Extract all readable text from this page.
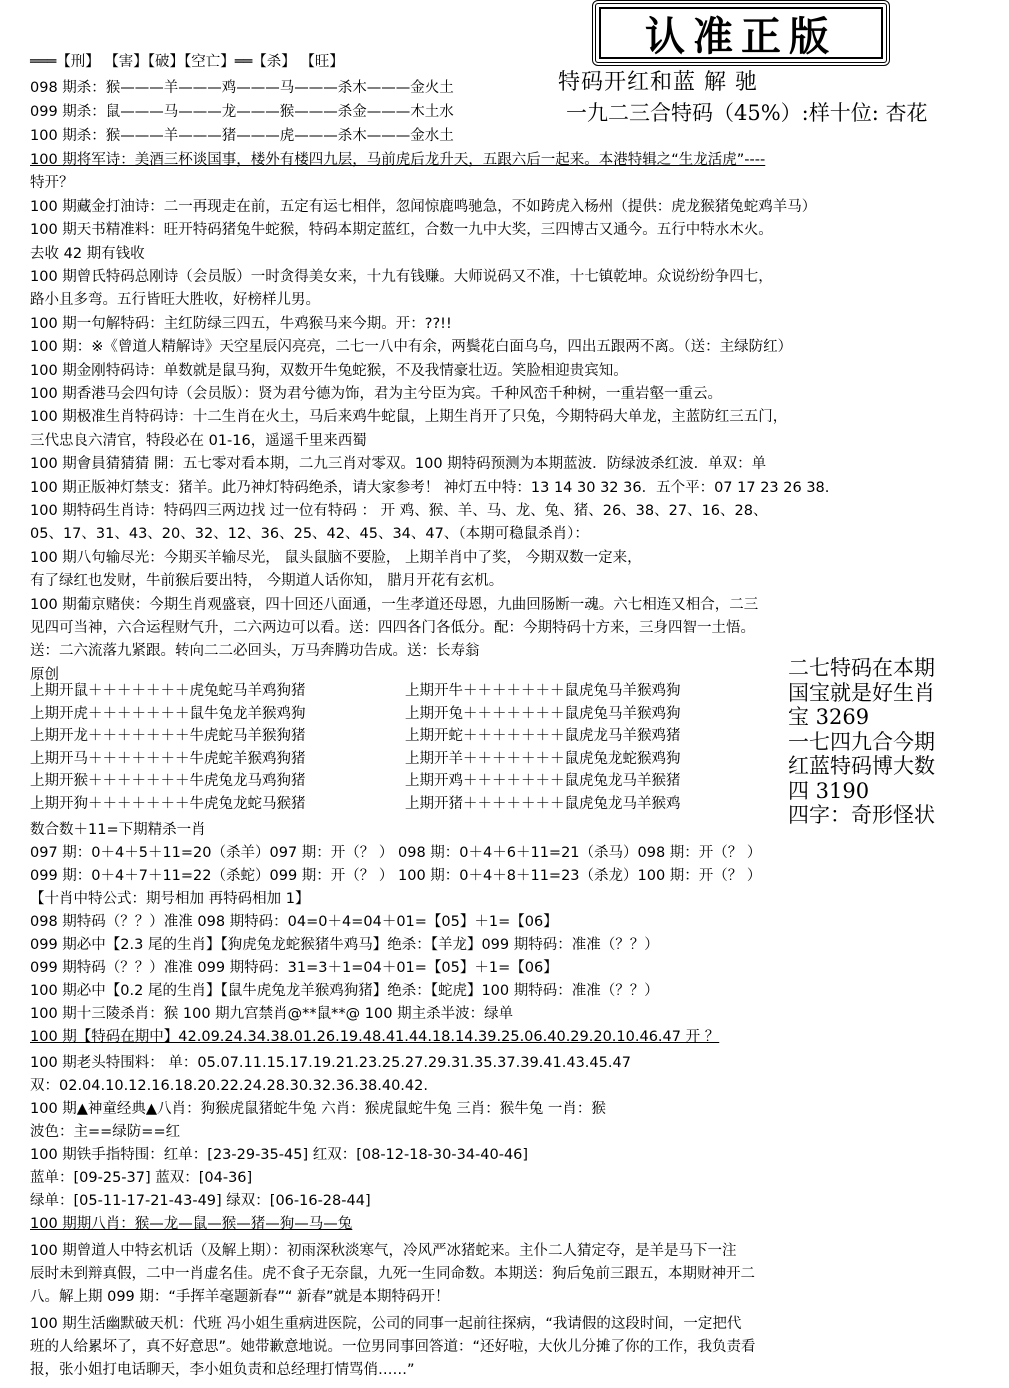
认准正版
特码开红和蓝 解 驰
一九二三合特码（45%）:样十位: 杏花
═══【刑】 【害】【破】【空亡】══【杀】 【旺】
098 期杀：猴———羊———鸡———马———杀木———金火土
099 期杀：鼠———马———龙———猴———杀金———木土水
100 期杀：猴———羊———猪———虎———杀木———金水土
100 期将军诗：美酒三杯谈国事，楼外有楼四九层，马前虎后龙升天，五跟六后一起来。本港特辑之“生龙活虎”----
特开？
100 期藏金打油诗：二一再现走在前，五定有运七相伴，忽闻惊鹿鸣驰急，不如跨虎入杨州（提供：虎龙猴猪兔蛇鸡羊马）
100 期天书精准料：旺开特码猪兔牛蛇猴，特码本期定蓝红，合数一九中大奖，三四博古又通今。五行中特水木火。
去收 42 期有钱收
100 期曾氏特码总刚诗（会员版）一时贪得美女来，十九有钱赚。大师说码又不准，十七镇乾坤。众说纷纷争四七，
路小且多弯。五行皆旺大胜收，好榜样儿男。
100 期一句解特码：主红防绿三四五，牛鸡猴马来今期。开：??!!
100 期：※《曾道人精解诗》天空星辰闪亮亮，二七一八中有余，两鬓花白面乌乌，四出五跟两不离。（送：主绿防红）
100 期金刚特码诗：单数就是鼠马狗，双数开牛兔蛇猴，不及我情豪壮迈。笑脸相迎贵宾知。
100 期香港马会四句诗（会员版）：贤为君兮德为饰，君为主兮臣为宾。千种风峦千种树，一重岩壑一重云。
100 期极准生肖特码诗：十二生肖在火土，马后来鸡牛蛇鼠，上期生肖开了只兔，今期特码大单龙，主蓝防红三五门，
三代忠良六清官，特段必在 01-16，遥遥千里来西蜀
100 期會員猜猜猜 開：五七零对看本期，二九三肖对零双。100 期特码预测为本期蓝波．防绿波杀红波．单双：单
100 期正版神灯禁支：猪羊。此乃神灯特码绝杀，请大家参考！ 神灯五中特：13 14 30 32 36．五个平：07 17 23 26 38.
100 期特码生肖诗：特码四三两边找 过一位有特码 ： 开 鸡、猴、羊、马、龙、兔、猪、26、38、27、16、28、
05、17、31、43、20、32、12、36、25、42、45、34、47、（本期可稳鼠杀肖）：
100 期八句输尽光：今期买羊输尽光， 鼠头鼠脑不要脸， 上期羊肖中了奖， 今期双数一定来，
有了绿红也发财，牛前猴后要出特， 今期道人话你知， 腊月开花有玄机。
100 期葡京赌侠：今期生肖观盛衰，四十回还八面通，一生孝道还母恩，九曲回肠断一魂。六七相连又相合，二三
见四可当神，六合运程财气升，二六两边可以看。送：四四各门各低分。配：今期特码十方来，三身四智一土悟。
送：二六流落九紧跟。转向二二必回头，万马奔腾功告成。送：长寿翁
原创
上期开鼠＋＋＋＋＋＋＋虎兔蛇马羊鸡狗猪
上期开虎＋＋＋＋＋＋＋鼠牛兔龙羊猴鸡狗
上期开龙＋＋＋＋＋＋＋牛虎蛇马羊猴狗猪
上期开马＋＋＋＋＋＋＋牛虎蛇羊猴鸡狗猪
上期开猴＋＋＋＋＋＋＋牛虎兔龙马鸡狗猪
上期开狗＋＋＋＋＋＋＋牛虎兔龙蛇马猴猪
上期开牛＋＋＋＋＋＋＋鼠虎兔马羊猴鸡狗
上期开兔＋＋＋＋＋＋＋鼠虎兔马羊猴鸡狗
上期开蛇＋＋＋＋＋＋＋鼠虎龙马羊猴鸡猪
上期开羊＋＋＋＋＋＋＋鼠虎兔龙蛇猴鸡狗
上期开鸡＋＋＋＋＋＋＋鼠虎兔龙马羊猴猪
上期开猪＋＋＋＋＋＋＋鼠虎兔龙马羊猴鸡
二七特码在本期
国宝就是好生肖
宝 3269
一七四九合今期
红蓝特码博大数
四 3190
四字：奇形怪状
数合数＋11=下期精杀一肖
097 期：0＋4＋5＋11=20（杀羊）097 期：开（？ ） 098 期：0＋4＋6＋11=21（杀马）098 期：开（？ ）
099 期：0＋4＋7＋11=22（杀蛇）099 期：开（？ ） 100 期：0＋4＋8＋11=23（杀龙）100 期：开（？ ）
【十肖中特公式：期号相加 再特码相加 1】
098 期特码（？？）准准 098 期特码：04=0＋4=04＋01=【05】＋1=【06】
099 期必中【2.3 尾的生肖】【狗虎兔龙蛇猴猪牛鸡马】绝杀：【羊龙】099 期特码：准准（？？）
099 期特码（？？）准准 099 期特码：31=3＋1=04＋01=【05】＋1=【06】
100 期必中【0.2 尾的生肖】【鼠牛虎兔龙羊猴鸡狗猪】绝杀：【蛇虎】100 期特码：准准（？？）
100 期十三陵杀肖：猴 100 期九宫禁肖@**鼠**@ 100 期主杀半波：绿单
100 期【特码在期中】42.09.24.34.38.01.26.19.48.41.44.18.14.39.25.06.40.29.20.10.46.47 开 ？
100 期老头特围料： 单：05.07.11.15.17.19.21.23.25.27.29.31.35.37.39.41.43.45.47
双：02.04.10.12.16.18.20.22.24.28.30.32.36.38.40.42.
100 期▲神童经典▲八肖：狗猴虎鼠猪蛇牛兔 六肖：猴虎鼠蛇牛兔 三肖：猴牛兔 一肖：猴
波色：主==绿防==红
100 期铁手指特围：红单：[23-29-35-45] 红双：[08-12-18-30-34-40-46]
蓝单：[09-25-37] 蓝双：[04-36]
绿单：[05-11-17-21-43-49] 绿双：[06-16-28-44]
100 期期八肖：猴—龙—鼠—猴—猪—狗—马—兔
100 期曾道人中特玄机话（及解上期）：初雨深秋淡寒气，冷风严冰猪蛇来。主仆二人猜定夺，是羊是马下一注
辰时未到辩真假，二中一肖虚名佳。虎不食子无奈鼠，九死一生同命数。本期送：狗后兔前三跟五，本期财神开二
八。解上期 099 期：“手挥羊毫题新春”“ 新春”就是本期特码开！
100 期生活幽默破天机：代班 冯小姐生重病进医院，公司的同事一起前往探病，“我请假的这段时间，一定把代
班的人给累坏了，真不好意思”。她带歉意地说。一位男同事回答道：“还好啦，大伙儿分摊了你的工作，我负责看
报，张小姐打电话聊天，李小姐负责和总经理打情骂俏……”
